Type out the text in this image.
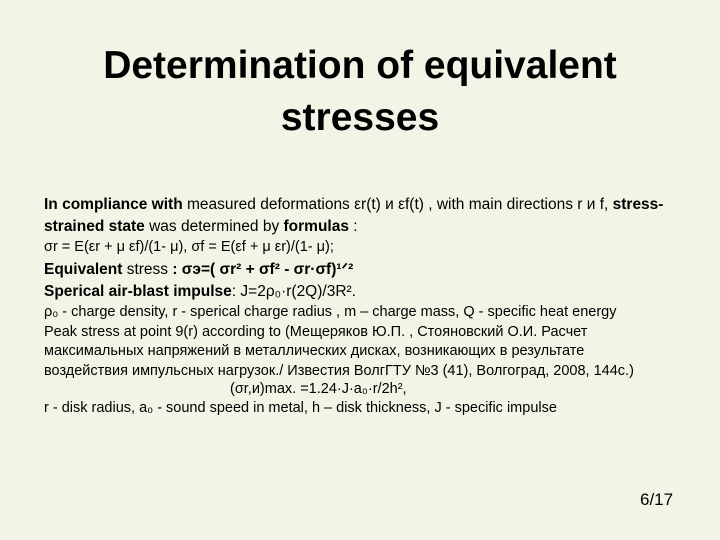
Determination of equivalent stresses
In compliance with measured deformations εr(t) и εf(t) , with main directions r и f, stress-
strained state was determined by formulas :
σr = E(εr + μ εf)/(1- μ), σf = E(εf + μ εr)/(1- μ);
Equivalent stress : σэ=( σr² + σf² - σr·σf)¹ᐟ²
Sperical air-blast impulse: J=2ρ₀·r(2Q)/3R².
ρ₀ - charge density, r - sperical charge radius , m – charge mass, Q - specific heat energy
Peak stress at point 9(r) according to (Мещеряков Ю.П. , Стояновский О.И. Расчет
максимальных напряжений в металлических дисках, возникающих в результате
воздействия импульсных нагрузок./ Известия ВолгГТУ №3 (41), Волгоград, 2008, 144с.)
(σr,и)max. =1.24·J·a₀·r/2h²,
r - disk radius, a₀ - sound speed in metal, h – disk thickness, J - specific impulse
6/17
